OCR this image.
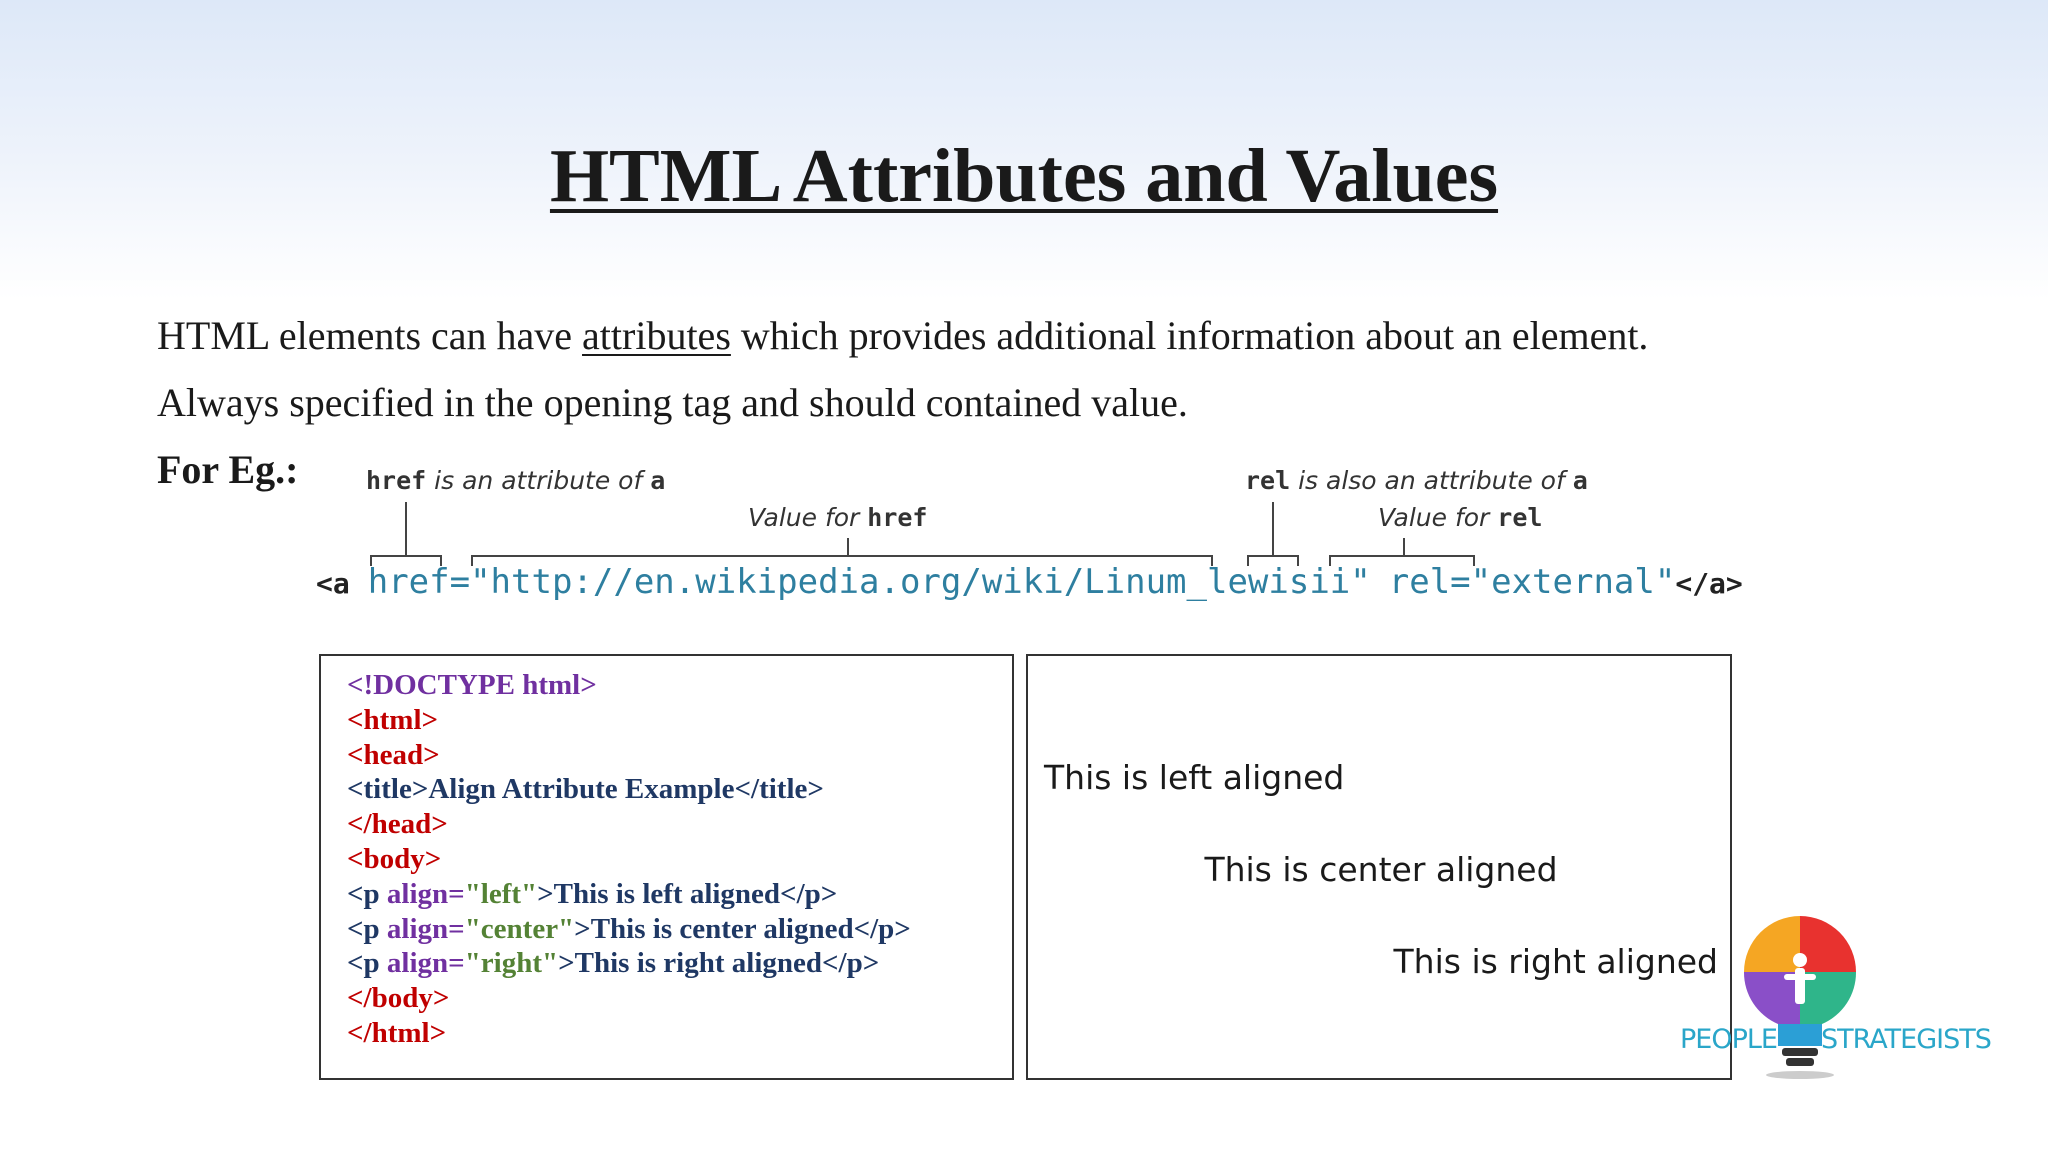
HTML Attributes and Values

HTML elements can have attributes which provides additional information about an element.

Always specified in the opening tag and should contained value.

For Eg.:	href is an attribute of a
Value for href
rel is also an attribute of a
Value for rel
<a href="http://en.wikipedia.org/wiki/Linum_lewisii" rel="external"</a>
<!DOCTYPE html>
<html>
<head>
<title>Align Attribute Example</title>
</head>
<body>
<p align="left">This is left aligned</p>
<p align="center">This is center aligned</p>
<p align="right">This is right aligned</p>
</body>
</html>

This is left aligned

This is center aligned

This is right aligned

PEOPLE STRATEGISTS
